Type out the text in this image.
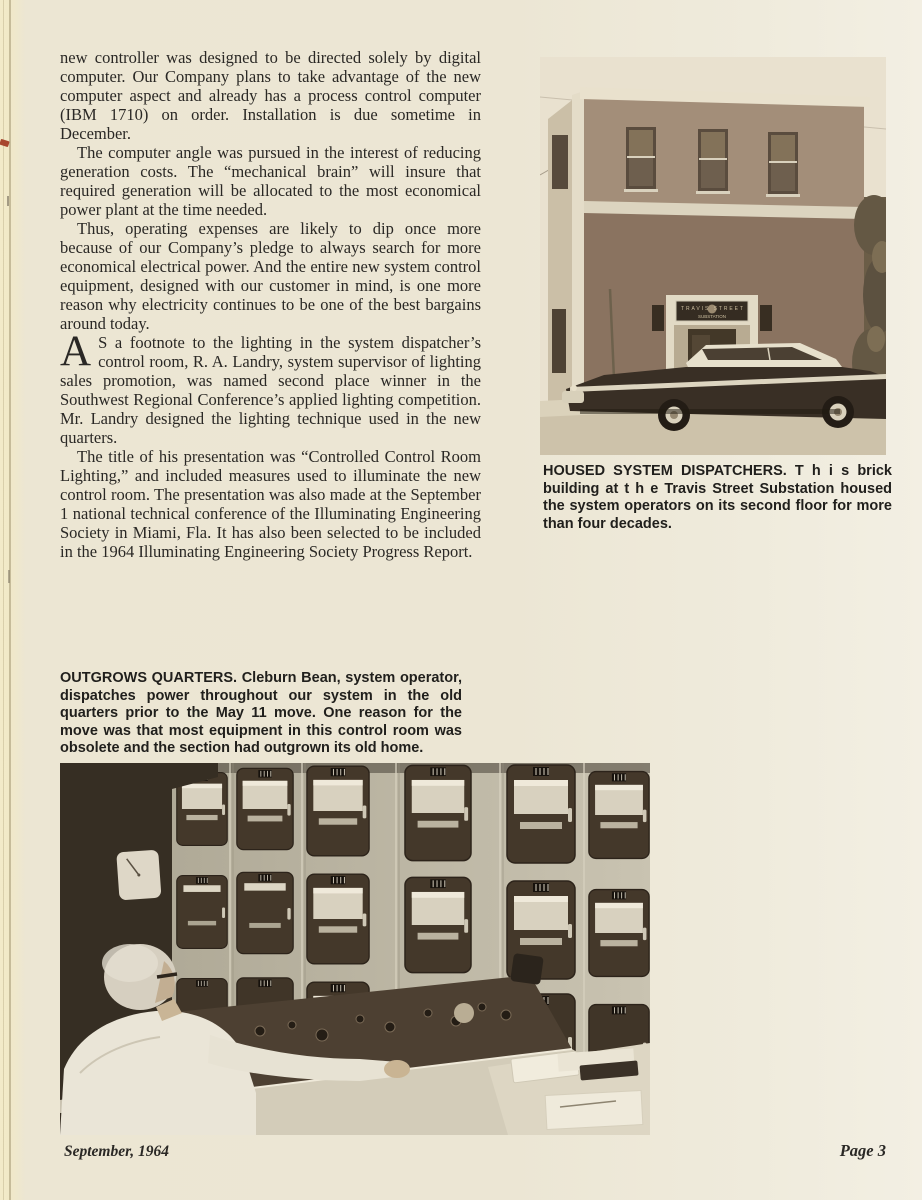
new controller was designed to be directed solely by digital computer. Our Company plans to take advantage of the new computer aspect and already has a process control computer (IBM 1710) on order. Installation is due sometime in December.

The computer angle was pursued in the interest of reducing generation costs. The “mechanical brain” will insure that required generation will be allocated to the most economical power plant at the time needed.

Thus, operating expenses are likely to dip once more because of our Company’s pledge to always search for more economical electrical power. And the entire new system control equipment, designed with our customer in mind, is one more reason why electricity continues to be one of the best bargains around today.

A S a footnote to the lighting in the system dispatcher’s control room, R. A. Landry, system supervisor of lighting sales promotion, was named second place winner in the Southwest Regional Conference’s applied lighting competition. Mr. Landry designed the lighting technique used in the new quarters.

The title of his presentation was “Controlled Control Room Lighting,” and included measures used to illuminate the new control room. The presentation was also made at the September 1 national technical conference of the Illuminating Engineering Society in Miami, Fla. It has also been selected to be included in the 1964 Illuminating Engineering Society Progress Report.

TRAVIS STREET
SUBSTATION
HOUSED SYSTEM DISPATCHERS. T h i s brick building at t h e Travis Street Substation housed the system operators on its second floor for more than four decades.
OUTGROWS QUARTERS. Cleburn Bean, system operator, dispatches power throughout our system in the old quarters prior to the May 11 move. One reason for the move was that most equipment in this control room was obsolete and the section had outgrown its old home.
September, 1964	Page 3
